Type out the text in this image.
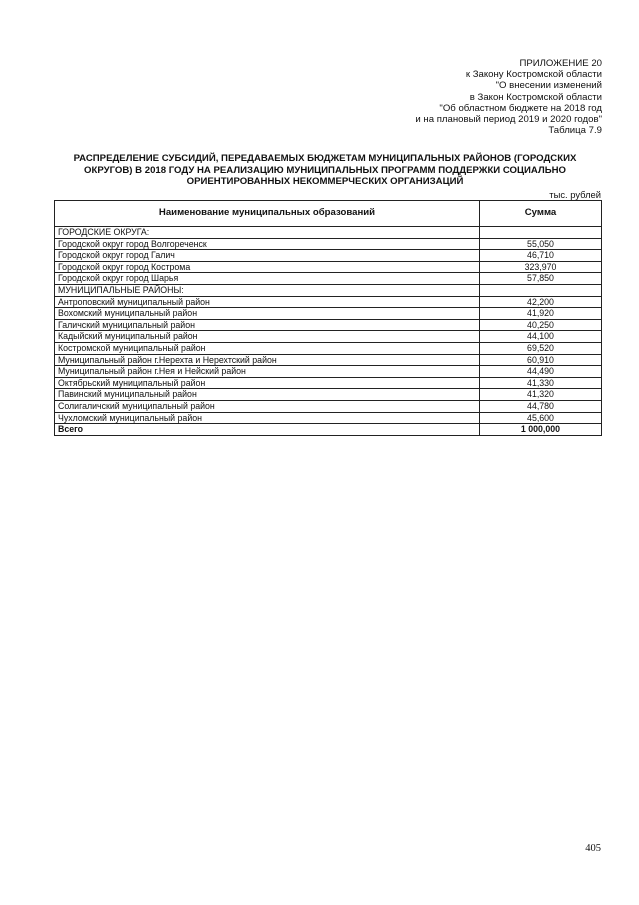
ПРИЛОЖЕНИЕ 20
к Закону Костромской области
"О внесении изменений
в Закон Костромской области
"Об областном бюджете на 2018 год
и на плановый период 2019 и 2020 годов"
Таблица 7.9
РАСПРЕДЕЛЕНИЕ СУБСИДИЙ, ПЕРЕДАВАЕМЫХ БЮДЖЕТАМ МУНИЦИПАЛЬНЫХ РАЙОНОВ (ГОРОДСКИХ
ОКРУГОВ) В 2018 ГОДУ НА РЕАЛИЗАЦИЮ МУНИЦИПАЛЬНЫХ ПРОГРАММ ПОДДЕРЖКИ СОЦИАЛЬНО
ОРИЕНТИРОВАННЫХ НЕКОММЕРЧЕСКИХ ОРГАНИЗАЦИЙ
тыс. рублей
Наименование муниципальных образований	Сумма
ГОРОДСКИЕ ОКРУГА:	
Городской округ город Волгореченск	55,050
Городской округ город Галич	46,710
Городской округ город Кострома	323,970
Городской округ город Шарья	57,850
МУНИЦИПАЛЬНЫЕ РАЙОНЫ:	
Антроповский муниципальный район	42,200
Вохомский муниципальный район	41,920
Галичский муниципальный район	40,250
Кадыйский муниципальный район	44,100
Костромской муниципальный район	69,520
Муниципальный район г.Нерехта и Нерехтский район	60,910
Муниципальный район г.Нея и Нейский район	44,490
Октябрьский муниципальный район	41,330
Павинский муниципальный район	41,320
Солигаличский муниципальный район	44,780
Чухломский муниципальный район	45,600
Всего	1 000,000
405
